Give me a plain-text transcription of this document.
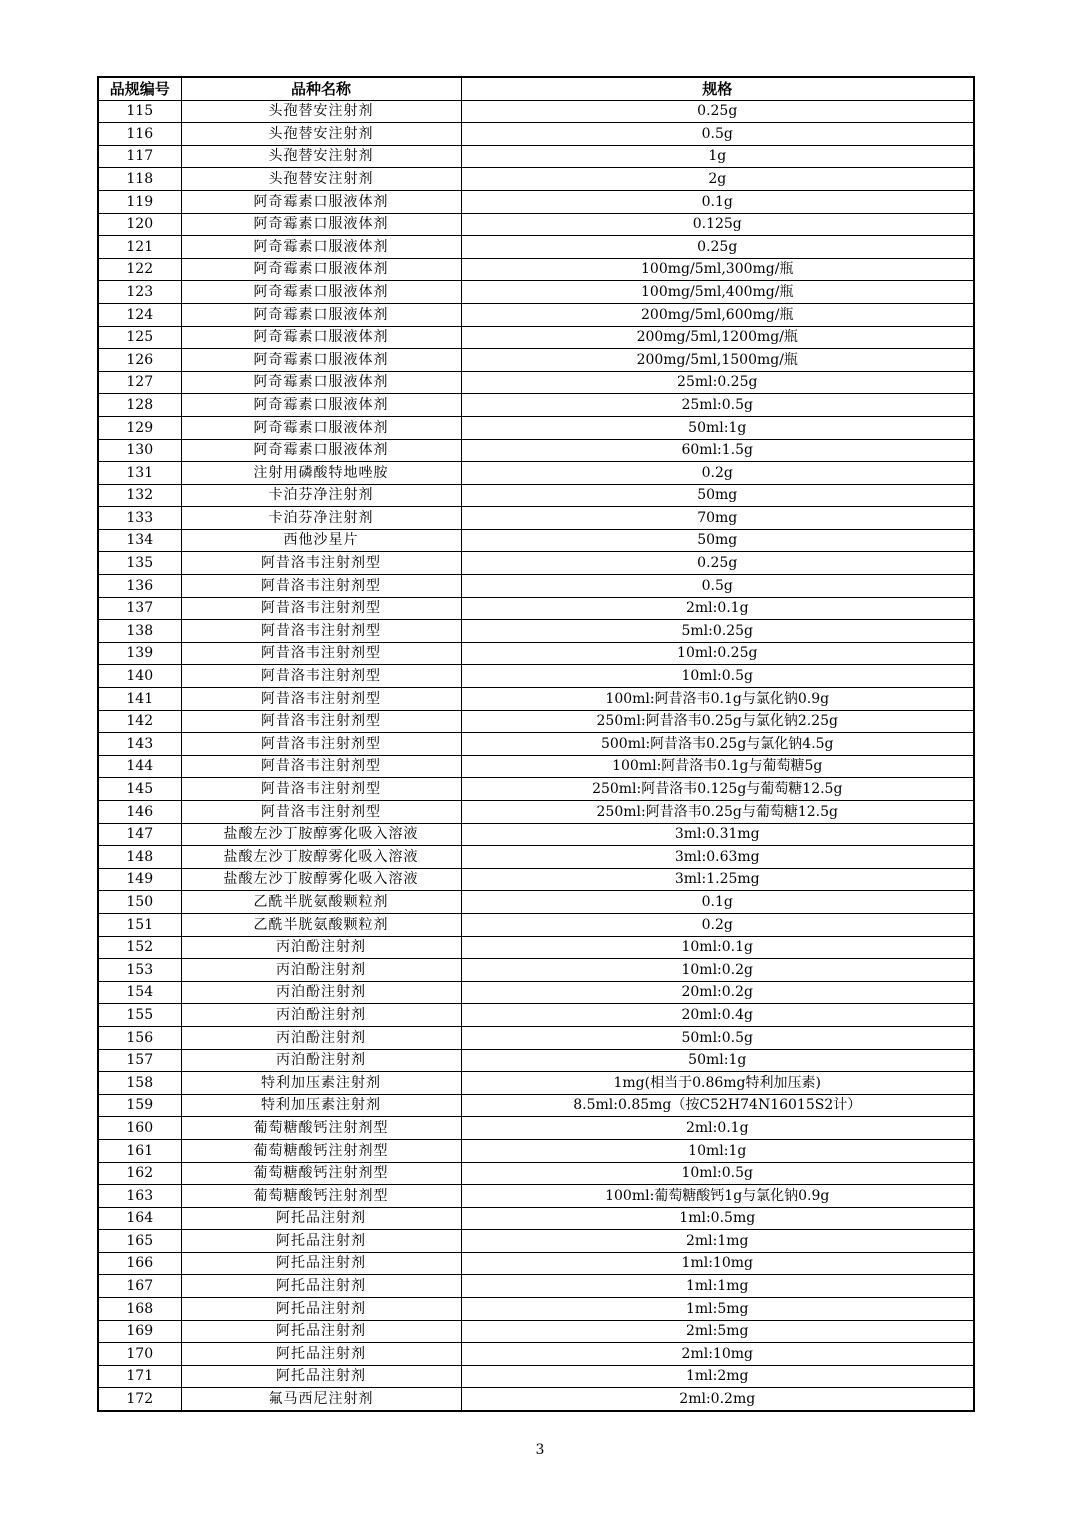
品规编号	品种名称	规格
115	头孢替安注射剂	0.25g
116	头孢替安注射剂	0.5g
117	头孢替安注射剂	1g
118	头孢替安注射剂	2g
119	阿奇霉素口服液体剂	0.1g
120	阿奇霉素口服液体剂	0.125g
121	阿奇霉素口服液体剂	0.25g
122	阿奇霉素口服液体剂	100mg/5ml,300mg/瓶
123	阿奇霉素口服液体剂	100mg/5ml,400mg/瓶
124	阿奇霉素口服液体剂	200mg/5ml,600mg/瓶
125	阿奇霉素口服液体剂	200mg/5ml,1200mg/瓶
126	阿奇霉素口服液体剂	200mg/5ml,1500mg/瓶
127	阿奇霉素口服液体剂	25ml:0.25g
128	阿奇霉素口服液体剂	25ml:0.5g
129	阿奇霉素口服液体剂	50ml:1g
130	阿奇霉素口服液体剂	60ml:1.5g
131	注射用磷酸特地唑胺	0.2g
132	卡泊芬净注射剂	50mg
133	卡泊芬净注射剂	70mg
134	西他沙星片	50mg
135	阿昔洛韦注射剂型	0.25g
136	阿昔洛韦注射剂型	0.5g
137	阿昔洛韦注射剂型	2ml:0.1g
138	阿昔洛韦注射剂型	5ml:0.25g
139	阿昔洛韦注射剂型	10ml:0.25g
140	阿昔洛韦注射剂型	10ml:0.5g
141	阿昔洛韦注射剂型	100ml:阿昔洛韦0.1g与氯化钠0.9g
142	阿昔洛韦注射剂型	250ml:阿昔洛韦0.25g与氯化钠2.25g
143	阿昔洛韦注射剂型	500ml:阿昔洛韦0.25g与氯化钠4.5g
144	阿昔洛韦注射剂型	100ml:阿昔洛韦0.1g与葡萄糖5g
145	阿昔洛韦注射剂型	250ml:阿昔洛韦0.125g与葡萄糖12.5g
146	阿昔洛韦注射剂型	250ml:阿昔洛韦0.25g与葡萄糖12.5g
147	盐酸左沙丁胺醇雾化吸入溶液	3ml:0.31mg
148	盐酸左沙丁胺醇雾化吸入溶液	3ml:0.63mg
149	盐酸左沙丁胺醇雾化吸入溶液	3ml:1.25mg
150	乙酰半胱氨酸颗粒剂	0.1g
151	乙酰半胱氨酸颗粒剂	0.2g
152	丙泊酚注射剂	10ml:0.1g
153	丙泊酚注射剂	10ml:0.2g
154	丙泊酚注射剂	20ml:0.2g
155	丙泊酚注射剂	20ml:0.4g
156	丙泊酚注射剂	50ml:0.5g
157	丙泊酚注射剂	50ml:1g
158	特利加压素注射剂	1mg(相当于0.86mg特利加压素)
159	特利加压素注射剂	8.5ml:0.85mg（按C52H74N16015S2计）
160	葡萄糖酸钙注射剂型	2ml:0.1g
161	葡萄糖酸钙注射剂型	10ml:1g
162	葡萄糖酸钙注射剂型	10ml:0.5g
163	葡萄糖酸钙注射剂型	100ml:葡萄糖酸钙1g与氯化钠0.9g
164	阿托品注射剂	1ml:0.5mg
165	阿托品注射剂	2ml:1mg
166	阿托品注射剂	1ml:10mg
167	阿托品注射剂	1ml:1mg
168	阿托品注射剂	1ml:5mg
169	阿托品注射剂	2ml:5mg
170	阿托品注射剂	2ml:10mg
171	阿托品注射剂	1ml:2mg
172	氟马西尼注射剂	2ml:0.2mg
3
